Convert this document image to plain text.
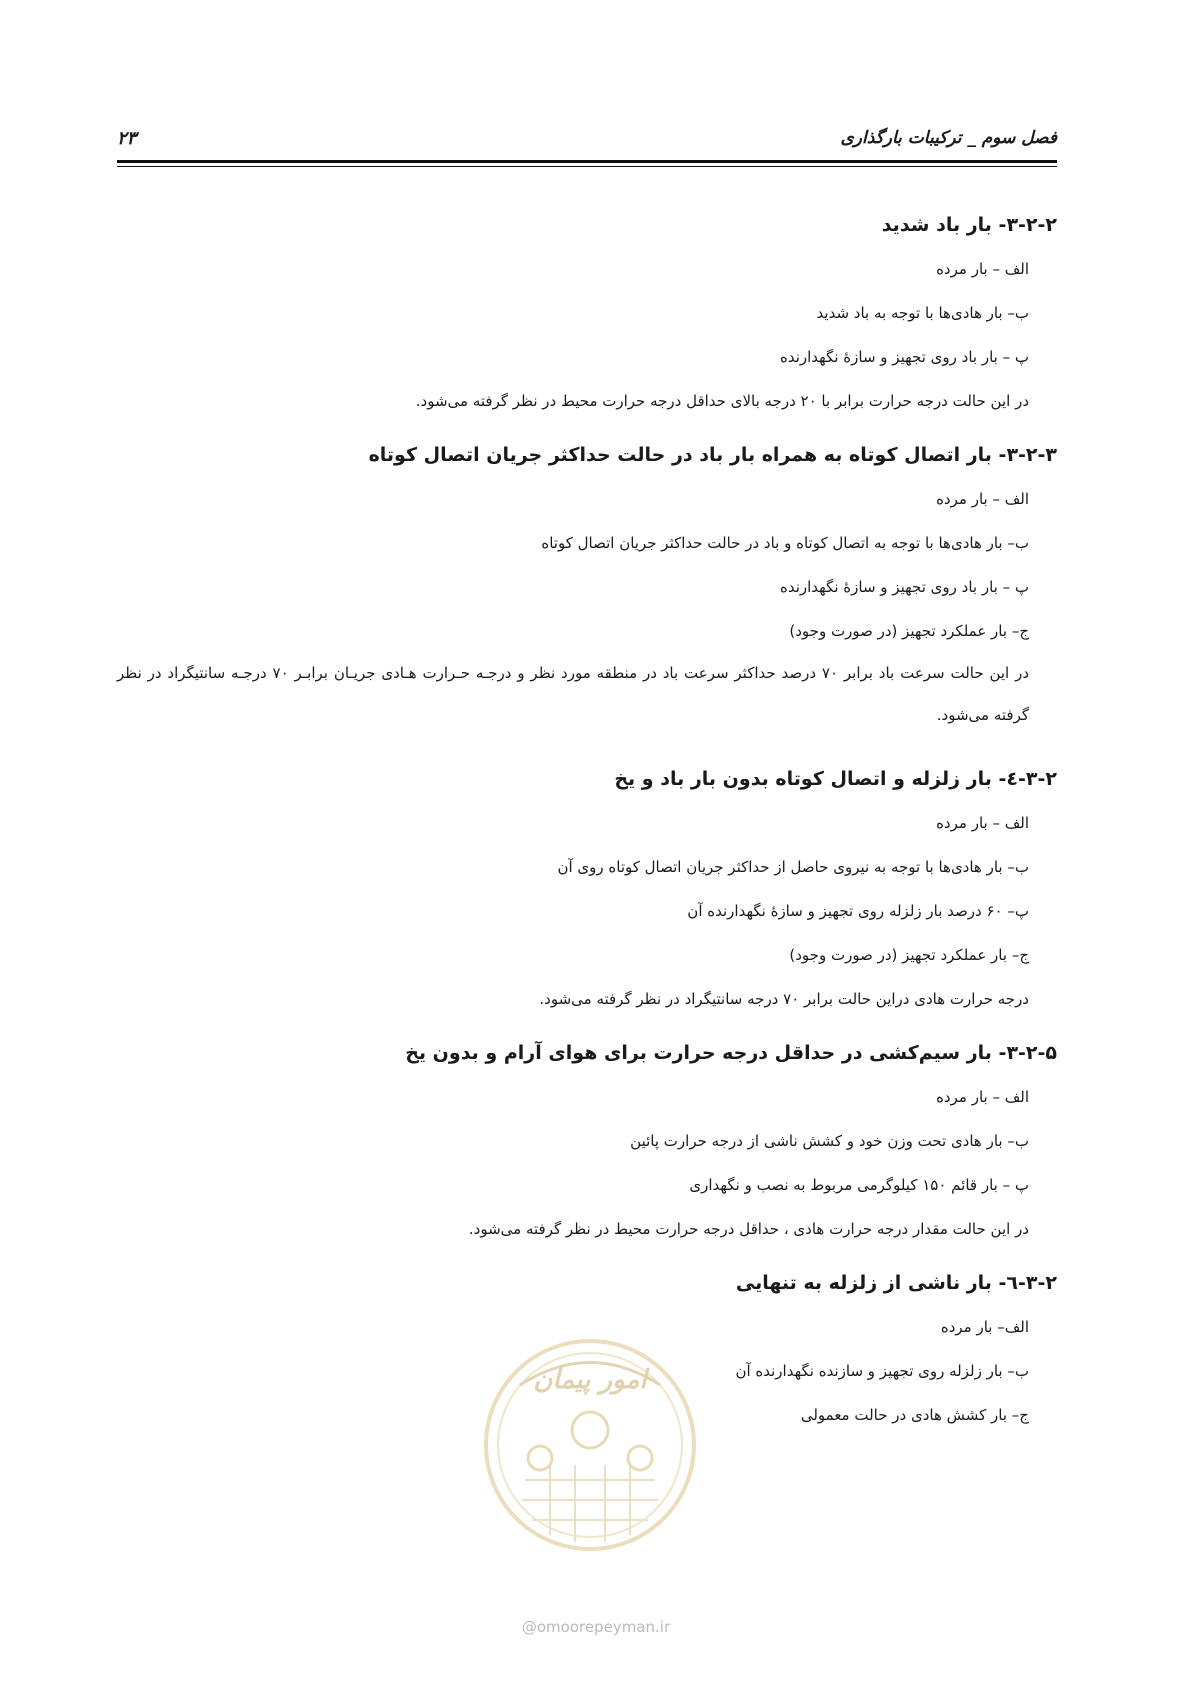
فصل سوم _ ترکیبات بارگذاری
۲۳
۳-۲-۲- بار باد شدید
الف – بار مرده
ب– بار هادی‌ها با توجه به باد شدید
پ – بار باد روی تجهیز و سازهٔ نگهدارنده
در این حالت درجه حرارت برابر با ۲۰ درجه بالای حداقل درجه حرارت محیط در نظر گرفته می‌شود.
۳-۲-۳- بار اتصال کوتاه به همراه بار باد در حالت حداکثر جریان اتصال کوتاه
الف – بار مرده
ب– بار هادی‌ها با توجه به اتصال کوتاه و باد در حالت حداکثر جریان اتصال کوتاه
پ – بار باد روی تجهیز و سازهٔ نگهدارنده
ج– بار عملکرد تجهیز (در صورت وجود)
در این حالت سرعت باد برابر ۷۰ درصد حداکثر سرعت باد در منطقه مورد نظر و درجـه حـرارت هـادی جریـان برابـر ۷۰ درجـه سانتیگراد در نظر گرفته می‌شود.
۳-۲-٤- بار زلزله و اتصال کوتاه بدون بار باد و یخ
الف – بار مرده
ب– بار هادی‌ها با توجه به نیروی حاصل از حداکثر جریان اتصال کوتاه روی آن
پ– ۶۰ درصد بار زلزله روی تجهیز و سازهٔ نگهدارنده آن
ج– بار عملکرد تجهیز (در صورت وجود)
درجه حرارت هادی دراین حالت برابر ۷۰ درجه سانتیگراد در نظر گرفته می‌شود.
۳-۲-۵- بار سیم‌کشی در حداقل درجه حرارت برای هوای آرام و بدون یخ
الف – بار مرده
ب– بار هادی تحت وزن خود و کشش ناشی از درجه حرارت پائین
پ – بار قائم ۱۵۰ کیلوگرمی مربوط به نصب و نگهداری
در این حالت مقدار درجه حرارت هادی ، حداقل درجه حرارت محیط در نظر گرفته می‌شود.
۳-۲-٦- بار ناشی از زلزله به تنهایی
الف– بار مرده
ب– بار زلزله روی تجهیز و سازنده نگهدارنده آن
ج– بار کشش هادی در حالت معمولی
امور پیمان
@omoorepeyman.ir
